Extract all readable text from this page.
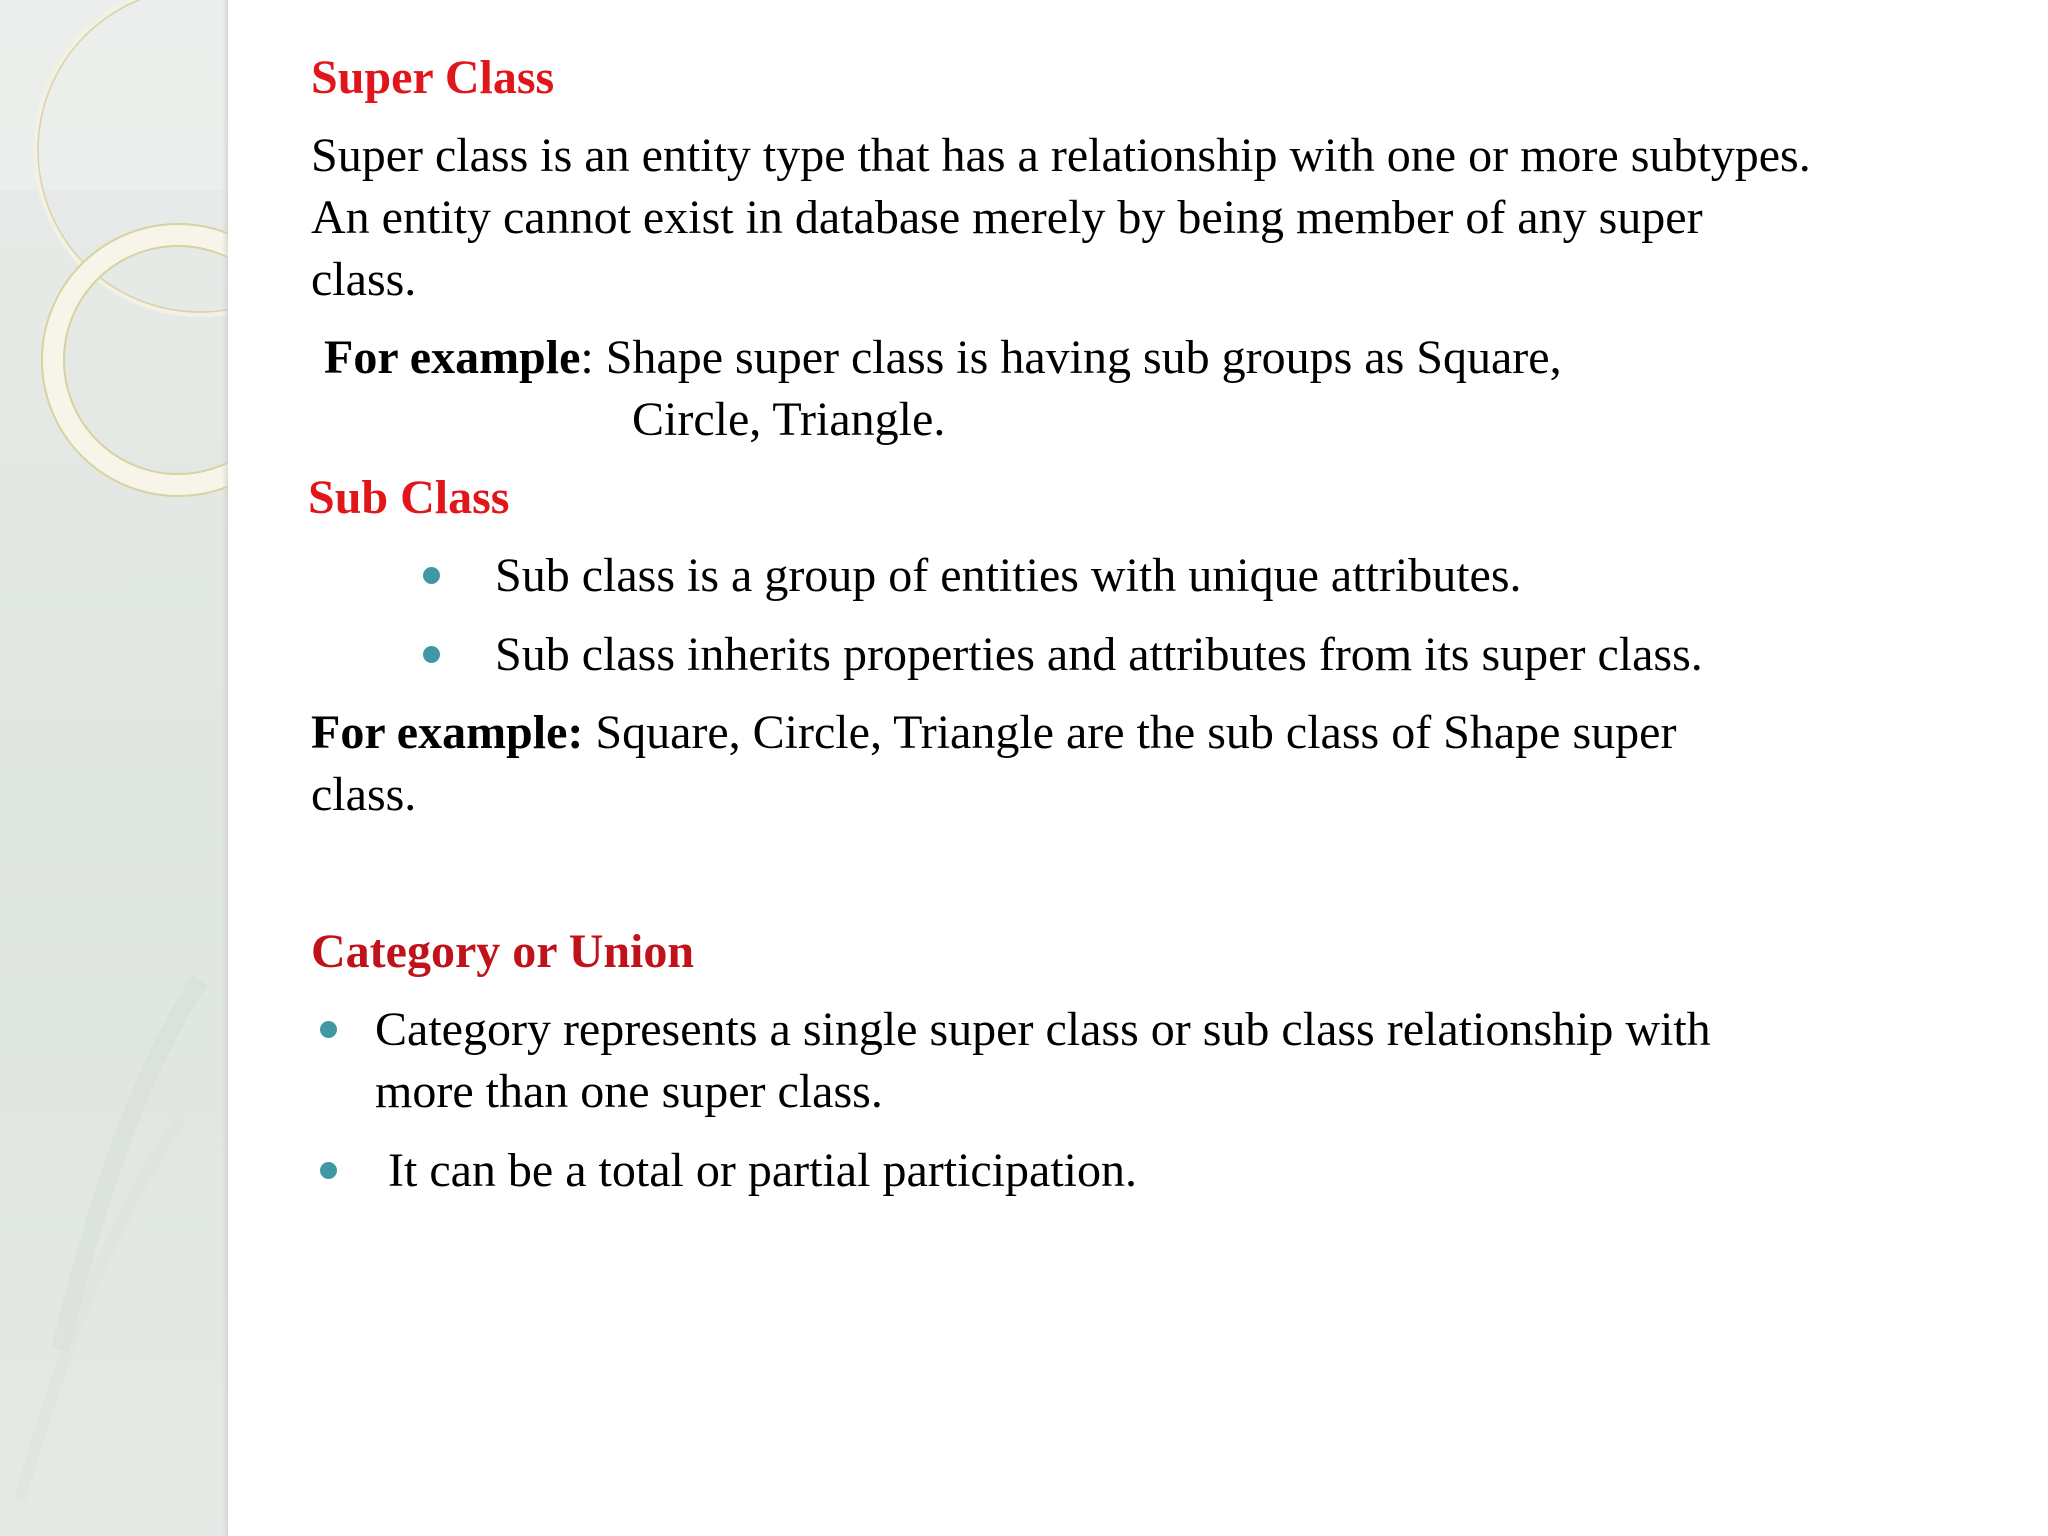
Super Class
Super class is an entity type that has a relationship with one or more subtypes.
An entity cannot exist in database merely by being member of any super
class.
For example: Shape super class is having sub groups as Square,
Circle, Triangle.
Sub Class
Sub class is a group of entities with unique attributes.
Sub class inherits properties and attributes from its super class.
For example: Square, Circle, Triangle are the sub class of Shape super
class.
Category or Union
Category represents a single super class or sub class relationship with
more than one super class.
It can be a total or partial participation.
